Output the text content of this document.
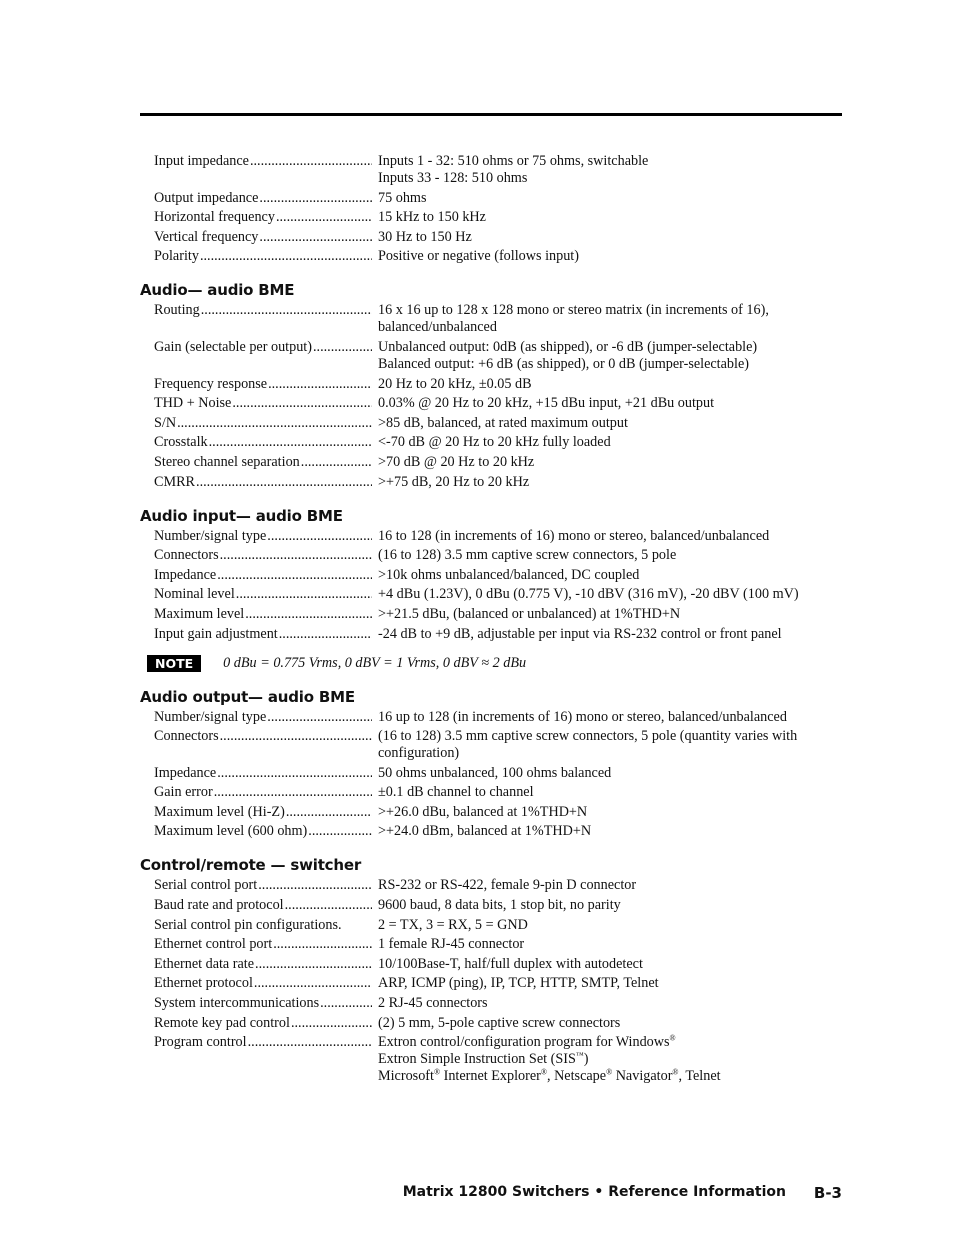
Input impedance .....	Inputs 1 - 32: 510 ohms or 75 ohms, switchable
Inputs 33 - 128: 510 ohms
Output impedance .....	75 ohms
Horizontal frequency .....	15 kHz to 150 kHz
Vertical frequency .....	30 Hz to 150 Hz
Polarity .....	Positive or negative (follows input)
Audio— audio BME
Routing .....	16 x 16 up to 128 x 128 mono or stereo matrix (in increments of 16),
balanced/unbalanced
Gain (selectable per output) .....	Unbalanced output: 0dB (as shipped), or -6 dB (jumper-selectable)
Balanced output: +6 dB (as shipped), or 0 dB (jumper-selectable)
Frequency response .....	20 Hz to 20 kHz, ±0.05 dB
THD + Noise .....	0.03% @ 20 Hz to 20 kHz, +15 dBu input, +21 dBu output
S/N .....	>85 dB, balanced, at rated maximum output
Crosstalk .....	<-70 dB @ 20 Hz to 20 kHz fully loaded
Stereo channel separation .....	>70 dB @ 20 Hz to 20 kHz
CMRR .....	>+75 dB, 20 Hz to 20 kHz
Audio input— audio BME
Number/signal type .....	16 to 128 (in increments of 16) mono or stereo, balanced/unbalanced
Connectors .....	(16 to 128) 3.5 mm captive screw connectors, 5 pole
Impedance .....	>10k ohms unbalanced/balanced, DC coupled
Nominal level .....	+4 dBu (1.23V), 0 dBu (0.775 V), -10 dBV (316 mV), -20 dBV (100 mV)
Maximum level .....	>+21.5 dBu, (balanced or unbalanced) at 1%THD+N
Input gain adjustment .....	-24 dB to +9 dB, adjustable per input via RS-232 control or front panel
NOTE	0 dBu = 0.775 Vrms, 0 dBV = 1 Vrms, 0 dBV ≈ 2 dBu
Audio output— audio BME
Number/signal type .....	16 up to 128 (in increments of 16) mono or stereo, balanced/unbalanced
Connectors .....	(16 to 128) 3.5 mm captive screw connectors, 5 pole (quantity varies with
configuration)
Impedance .....	50 ohms unbalanced, 100 ohms balanced
Gain error .....	±0.1 dB channel to channel
Maximum level (Hi-Z) .....	>+26.0 dBu, balanced at 1%THD+N
Maximum level (600 ohm) .....	>+24.0 dBm, balanced at 1%THD+N
Control/remote — switcher
Serial control port .....	RS-232 or RS-422, female 9-pin D connector
Baud rate and protocol .....	9600 baud, 8 data bits, 1 stop bit, no parity
Serial control pin configurations.	2 = TX, 3 = RX, 5 = GND
Ethernet control port .....	1 female RJ-45 connector
Ethernet data rate .....	10/100Base-T, half/full duplex with autodetect
Ethernet protocol .....	ARP, ICMP (ping), IP, TCP, HTTP, SMTP, Telnet
System intercommunications .....	2 RJ-45 connectors
Remote key pad control .....	(2) 5 mm, 5-pole captive screw connectors
Program control .....	Extron control/configuration program for Windows®
Extron Simple Instruction Set (SIS™)
Microsoft® Internet Explorer®, Netscape® Navigator®, Telnet
Matrix 12800 Switchers • Reference Information B-3
